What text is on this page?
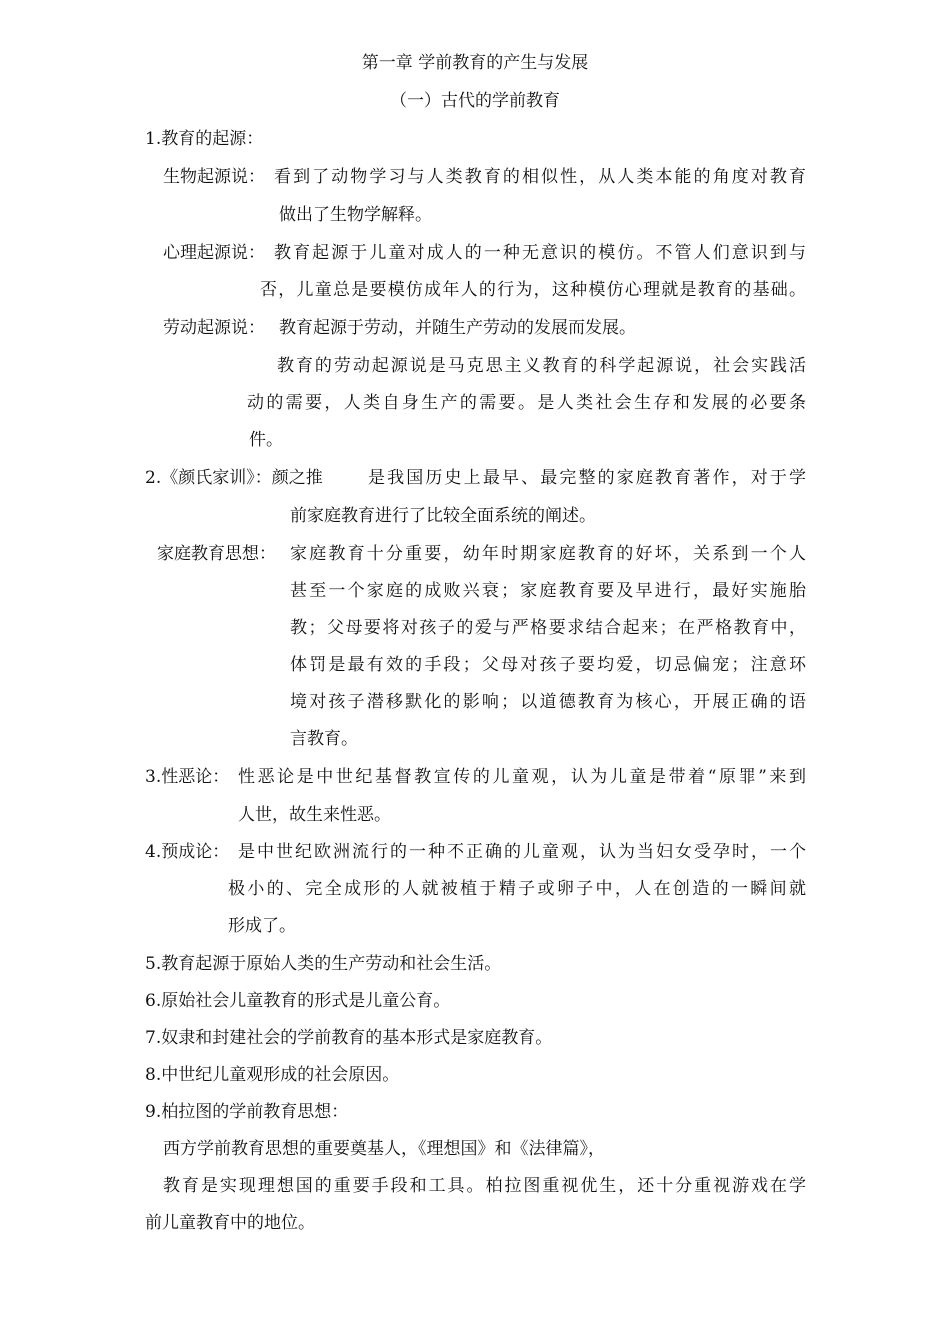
第一章 学前教育的产生与发展
（一）古代的学前教育
1.教育的起源：
生物起源说： 看到了动物学习与人类教育的相似性，从人类本能的角度对教育
做出了生物学解释。
心理起源说： 教育起源于儿童对成人的一种无意识的模仿。不管人们意识到与
否，儿童总是要模仿成年人的行为，这种模仿心理就是教育的基础。
劳动起源说： 教育起源于劳动，并随生产劳动的发展而发展。
教育的劳动起源说是马克思主义教育的科学起源说，社会实践活
动的需要，人类自身生产的需要。是人类社会生存和发展的必要条
件。
2.《颜氏家训》：颜之推	是我国历史上最早、最完整的家庭教育著作，对于学
前家庭教育进行了比较全面系统的阐述。
家庭教育思想： 家庭教育十分重要，幼年时期家庭教育的好坏，关系到一个人
甚至一个家庭的成败兴衰；家庭教育要及早进行，最好实施胎
教；父母要将对孩子的爱与严格要求结合起来；在严格教育中，
体罚是最有效的手段；父母对孩子要均爱，切忌偏宠；注意环
境对孩子潜移默化的影响；以道德教育为核心，开展正确的语
言教育。
3.性恶论： 性恶论是中世纪基督教宣传的儿童观，认为儿童是带着“原罪”来到
人世，故生来性恶。
4.预成论： 是中世纪欧洲流行的一种不正确的儿童观，认为当妇女受孕时，一个
极小的、完全成形的人就被植于精子或卵子中，人在创造的一瞬间就
形成了。
5.教育起源于原始人类的生产劳动和社会生活。
6.原始社会儿童教育的形式是儿童公育。
7.奴隶和封建社会的学前教育的基本形式是家庭教育。
8.中世纪儿童观形成的社会原因。
9.柏拉图的学前教育思想：
西方学前教育思想的重要奠基人，《理想国》和《法律篇》，
教育是实现理想国的重要手段和工具。柏拉图重视优生，还十分重视游戏在学
前儿童教育中的地位。
